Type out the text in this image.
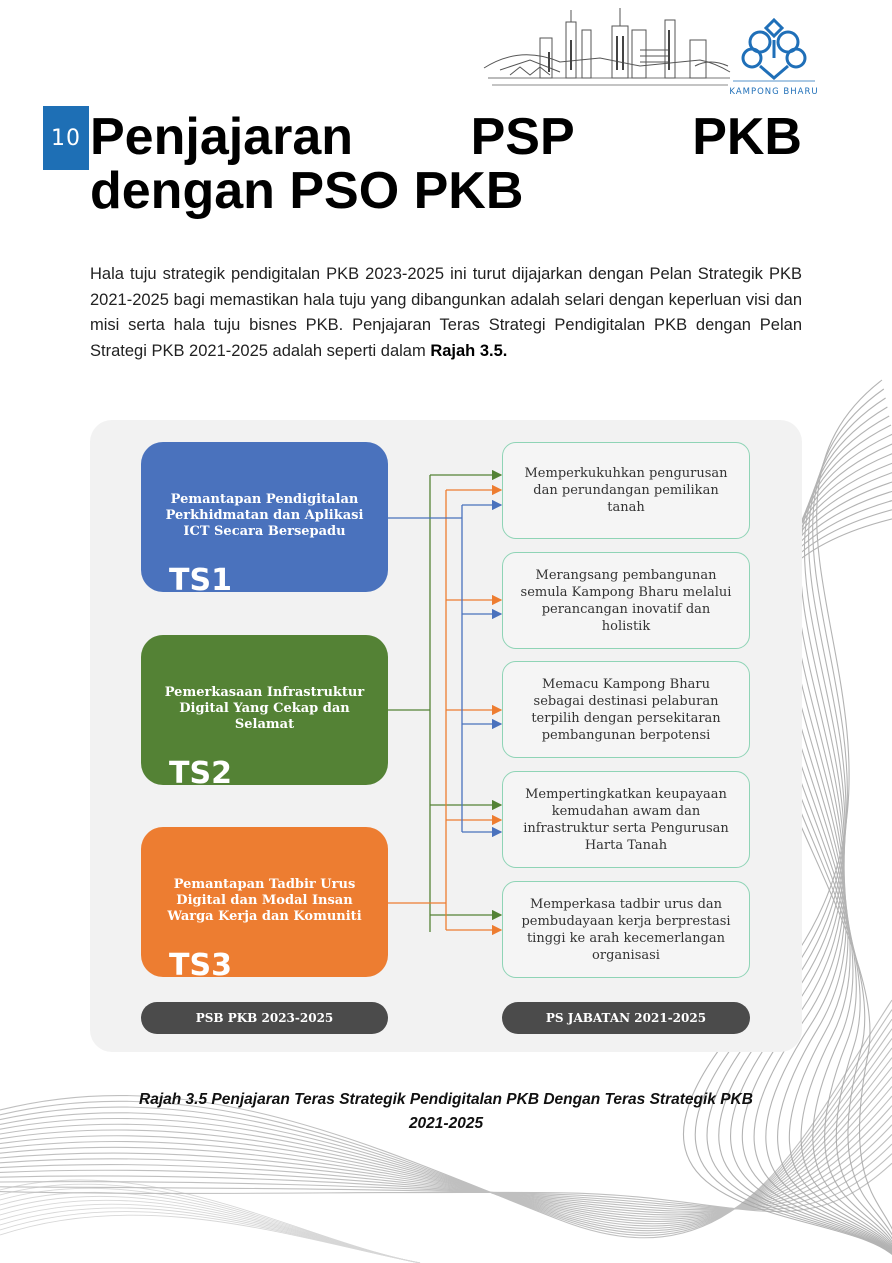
KAMPONG BHARU
10 Penjajaran PSP PKB
dengan PSO PKB
Hala tuju strategik pendigitalan PKB 2023-2025 ini turut dijajarkan dengan Pelan Strategik PKB 2021-2025 bagi memastikan hala tuju yang dibangunkan adalah selari dengan keperluan visi dan misi serta hala tuju bisnes PKB. Penjajaran Teras Strategi Pendigitalan PKB dengan Pelan Strategi PKB 2021-2025 adalah seperti dalam Rajah 3.5.
Pemantapan Pendigitalan Perkhidmatan dan Aplikasi ICT Secara Bersepadu
TS1
Pemerkasaan Infrastruktur Digital Yang Cekap dan Selamat
TS2
Pemantapan Tadbir Urus Digital dan Modal Insan Warga Kerja dan Komuniti
TS3
Memperkukuhkan pengurusan dan perundangan pemilikan tanah
Merangsang pembangunan semula Kampong Bharu melalui perancangan inovatif dan holistik
Memacu Kampong Bharu sebagai destinasi pelaburan terpilih dengan persekitaran pembangunan berpotensi
Mempertingkatkan keupayaan kemudahan awam dan infrastruktur serta Pengurusan Harta Tanah
Memperkasa tadbir urus dan pembudayaan kerja berprestasi tinggi ke arah kecemerlangan organisasi
PSB PKB 2023-2025	PS JABATAN 2021-2025
Rajah 3.5 Penjajaran Teras Strategik Pendigitalan PKB Dengan Teras Strategik PKB
2021-2025
